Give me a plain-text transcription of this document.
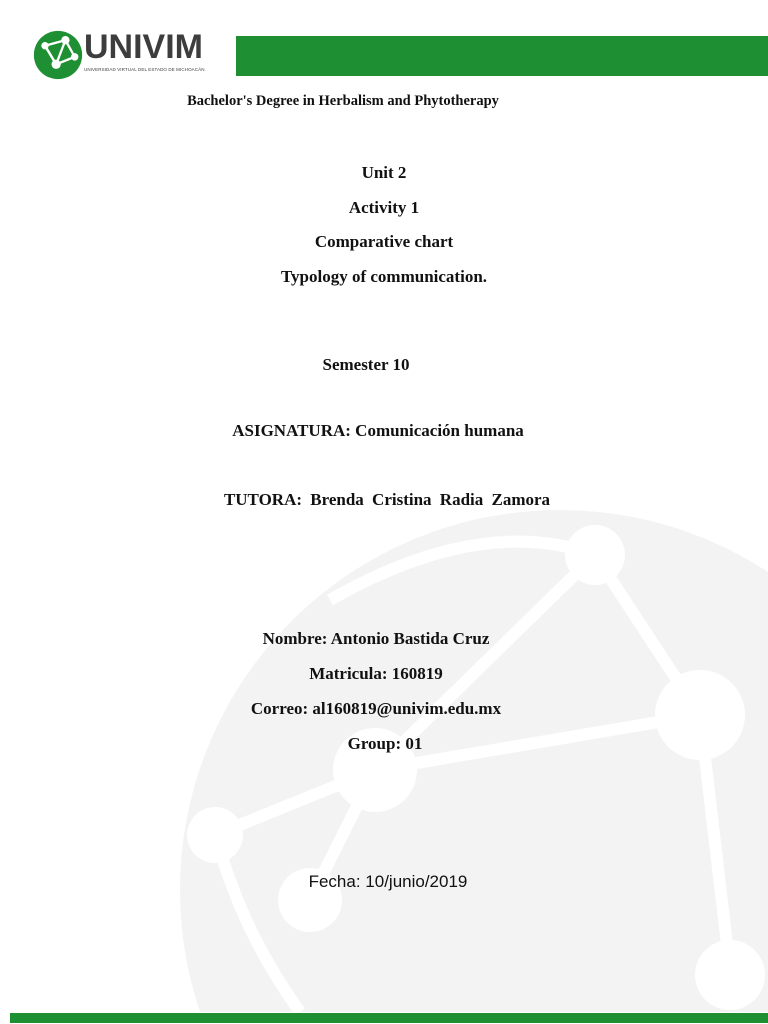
UNIVIM
UNIVERSIDAD VIRTUAL DEL ESTADO DE MICHOACÁN
Bachelor's Degree in Herbalism and Phytotherapy
Unit 2
Activity 1
Comparative chart
Typology of communication.
Semester 10
ASIGNATURA: Comunicación humana
TUTORA: Brenda Cristina Radia Zamora
Nombre: Antonio Bastida Cruz
Matricula: 160819
Correo: al160819@univim.edu.mx
Group: 01
Fecha: 10/junio/2019
